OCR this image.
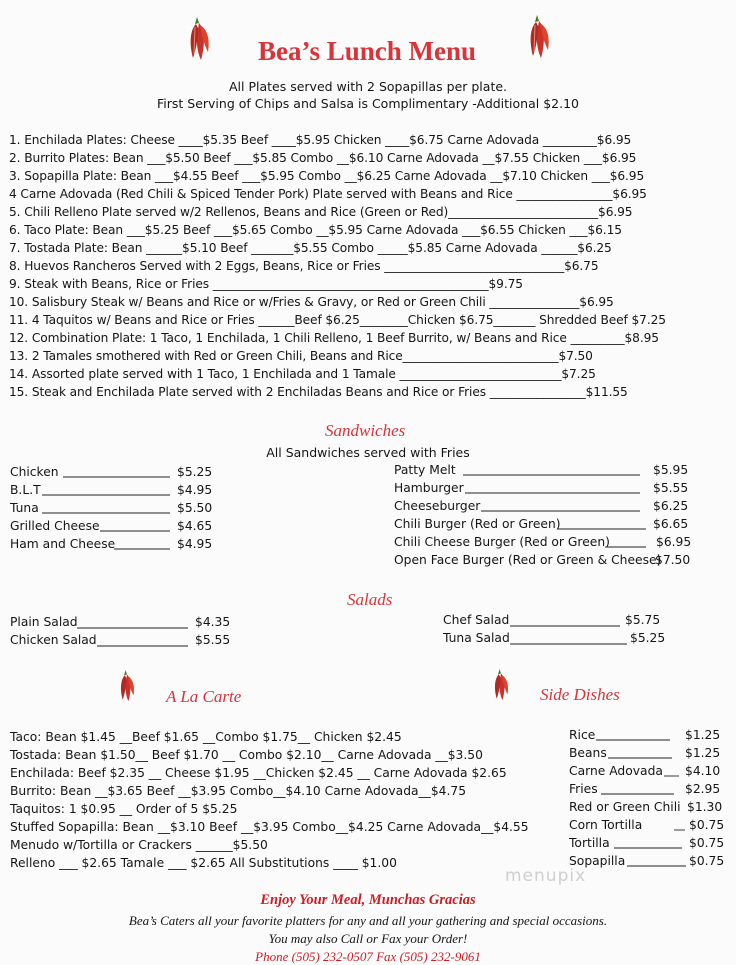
Bea’s Lunch Menu
All Plates served with 2 Sopapillas per plate.
First Serving of Chips and Salsa is Complimentary -Additional $2.10
1. Enchilada Plates: Cheese ____$5.35 Beef ____$5.95 Chicken ____$6.75 Carne Adovada _________$6.95
2. Burrito Plates: Bean ___$5.50 Beef ___$5.85 Combo __$6.10 Carne Adovada __$7.55 Chicken ___$6.95
3. Sopapilla Plate: Bean ___$4.55 Beef ___$5.95 Combo __$6.25 Carne Adovada __$7.10 Chicken ___$6.95
4 Carne Adovada (Red Chili & Spiced Tender Pork) Plate served with Beans and Rice ________________$6.95
5. Chili Relleno Plate served w/2 Rellenos, Beans and Rice (Green or Red)_________________________$6.95
6. Taco Plate: Bean ___$5.25 Beef ___$5.65 Combo __$5.95 Carne Adovada ___$6.55 Chicken ___$6.15
7. Tostada Plate: Bean ______$5.10 Beef _______$5.55 Combo _____$5.85 Carne Adovada ______$6.25
8. Huevos Rancheros Served with 2 Eggs, Beans, Rice or Fries ______________________________$6.75
9. Steak with Beans, Rice or Fries ______________________________________________$9.75
10. Salisbury Steak w/ Beans and Rice or w/Fries & Gravy, or Red or Green Chili _______________$6.95
11. 4 Taquitos w/ Beans and Rice or Fries ______Beef $6.25________Chicken $6.75_______ Shredded Beef $7.25
12. Combination Plate: 1 Taco, 1 Enchilada, 1 Chili Relleno, 1 Beef Burrito, w/ Beans and Rice _________$8.95
13. 2 Tamales smothered with Red or Green Chili, Beans and Rice__________________________$7.50
14. Assorted plate served with 1 Taco, 1 Enchilada and 1 Tamale ___________________________$7.25
15. Steak and Enchilada Plate served with 2 Enchiladas Beans and Rice or Fries ________________$11.55
Sandwiches
All Sandwiches served with Fries
Chicken	$5.25
B.L.T	$4.95
Tuna	$5.50
Grilled Cheese	$4.65
Ham and Cheese	$4.95
Patty Melt	$5.95
Hamburger	$5.55
Cheeseburger	$6.25
Chili Burger (Red or Green)	$6.65
Chili Cheese Burger (Red or Green)	$6.95
Open Face Burger (Red or Green & Cheese)
$7.50
Salads
Plain Salad	$4.35
Chicken Salad	$5.55
Chef Salad	$5.75
Tuna Salad	$5.25
A La Carte
Taco: Bean $1.45 __Beef $1.65 __Combo $1.75__ Chicken $2.45
Tostada: Bean $1.50__ Beef $1.70 __ Combo $2.10__ Carne Adovada __$3.50
Enchilada: Beef $2.35 __ Cheese $1.95 __Chicken $2.45 __ Carne Adovada $2.65
Burrito: Bean __$3.65 Beef __$3.95 Combo__$4.10 Carne Adovada__$4.75
Taquitos: 1 $0.95 __ Order of 5 $5.25
Stuffed Sopapilla: Bean __$3.10 Beef __$3.95 Combo__$4.25 Carne Adovada__$4.55
Menudo w/Tortilla or Crackers ______$5.50
Relleno ___ $2.65 Tamale ___ $2.65 All Substitutions ____ $1.00
Side Dishes
Rice	$1.25
Beans	$1.25
Carne Adovada $4.10
Fries	$2.95
Red or Green Chili $1.30
Corn Tortilla	$0.75
Tortilla	$0.75
Sopapilla	$0.75
menupix
Enjoy Your Meal, Munchas Gracias
Bea’s Caters all your favorite platters for any and all your gathering and special occasions.
You may also Call or Fax your Order!
Phone (505) 232-0507 Fax (505) 232-9061
